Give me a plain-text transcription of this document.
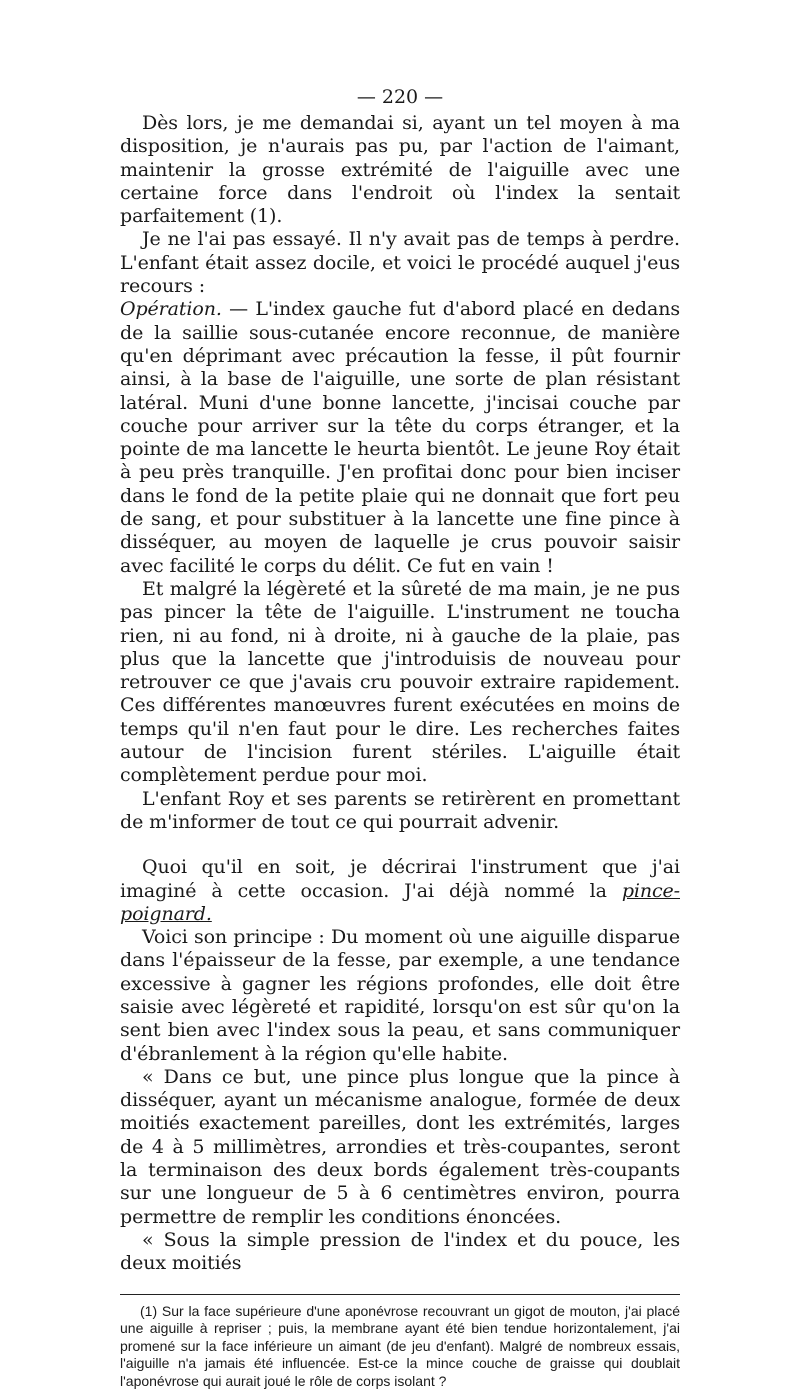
— 220 —

Dès lors, je me demandai si, ayant un tel moyen à ma disposition, je n'aurais pas pu, par l'action de l'aimant, maintenir la grosse extrémité de l'aiguille avec une certaine force dans l'endroit où l'index la sentait parfaitement (1).

Je ne l'ai pas essayé. Il n'y avait pas de temps à perdre. L'enfant était assez docile, et voici le procédé auquel j'eus recours :

Opération. — L'index gauche fut d'abord placé en dedans de la saillie sous-cutanée encore reconnue, de manière qu'en déprimant avec précaution la fesse, il pût fournir ainsi, à la base de l'aiguille, une sorte de plan résistant latéral. Muni d'une bonne lancette, j'incisai couche par couche pour arriver sur la tête du corps étranger, et la pointe de ma lancette le heurta bientôt. Le jeune Roy était à peu près tranquille. J'en profitai donc pour bien inciser dans le fond de la petite plaie qui ne donnait que fort peu de sang, et pour substituer à la lancette une fine pince à disséquer, au moyen de laquelle je crus pouvoir saisir avec facilité le corps du délit. Ce fut en vain !

Et malgré la légèreté et la sûreté de ma main, je ne pus pas pincer la tête de l'aiguille. L'instrument ne toucha rien, ni au fond, ni à droite, ni à gauche de la plaie, pas plus que la lancette que j'introduisis de nouveau pour retrouver ce que j'avais cru pouvoir extraire rapidement. Ces différentes manœuvres furent exécutées en moins de temps qu'il n'en faut pour le dire. Les recherches faites autour de l'incision furent stériles. L'aiguille était complètement perdue pour moi.

L'enfant Roy et ses parents se retirèrent en promettant de m'informer de tout ce qui pourrait advenir.

Quoi qu'il en soit, je décrirai l'instrument que j'ai imaginé à cette occasion. J'ai déjà nommé la pince-poignard.

Voici son principe : Du moment où une aiguille disparue dans l'épaisseur de la fesse, par exemple, a une tendance excessive à gagner les régions profondes, elle doit être saisie avec légèreté et rapidité, lorsqu'on est sûr qu'on la sent bien avec l'index sous la peau, et sans communiquer d'ébranlement à la région qu'elle habite.

« Dans ce but, une pince plus longue que la pince à disséquer, ayant un mécanisme analogue, formée de deux moitiés exactement pareilles, dont les extrémités, larges de 4 à 5 millimètres, arrondies et très-coupantes, seront la terminaison des deux bords également très-coupants sur une longueur de 5 à 6 centimètres environ, pourra permettre de remplir les conditions énoncées.

« Sous la simple pression de l'index et du pouce, les deux moitiés

(1) Sur la face supérieure d'une aponévrose recouvrant un gigot de mouton, j'ai placé une aiguille à repriser ; puis, la membrane ayant été bien tendue horizontalement, j'ai promené sur la face inférieure un aimant (de jeu d'enfant). Malgré de nombreux essais, l'aiguille n'a jamais été influencée. Est-ce la mince couche de graisse qui doublait l'aponévrose qui aurait joué le rôle de corps isolant ?
